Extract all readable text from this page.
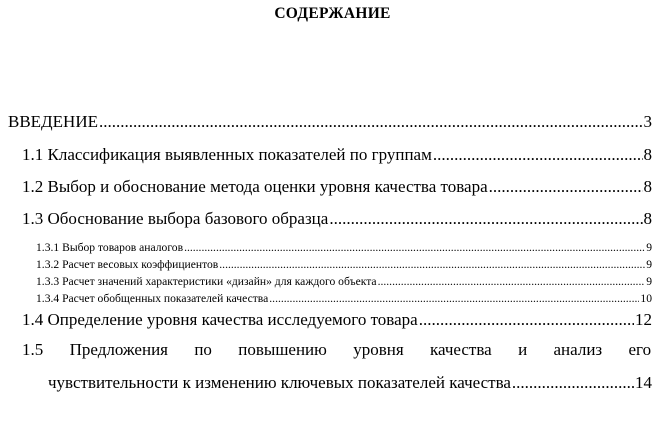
СОДЕРЖАНИЕ
ВВЕДЕНИЕ .....	3
1.1 Классификация выявленных показателей по группам .....	8
1.2 Выбор и обоснование метода оценки уровня качества товара .....	8
1.3 Обоснование выбора базового образца .....	8
1.3.1 Выбор товаров аналогов .....	9
1.3.2 Расчет весовых коэффициентов .....	9
1.3.3 Расчет значений характеристики «дизайн» для каждого объекта .....	9
1.3.4 Расчет обобщенных показателей качества .....	10
1.4 Определение уровня качества исследуемого товара .....	12
1.5 Предложения по повышению уровня качества и анализ его
чувствительности к изменению ключевых показателей качества .....	14
